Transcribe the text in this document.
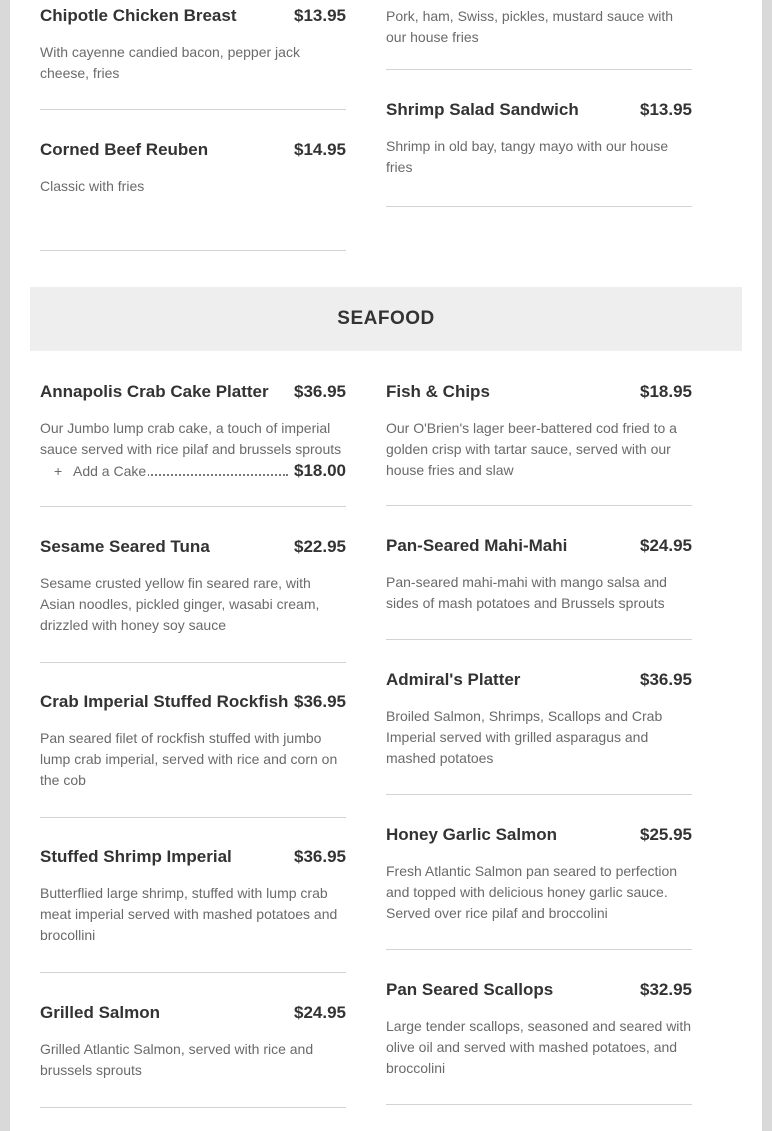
Chipotle Chicken Breast	$13.95
With cayenne candied bacon, pepper jack cheese, fries
Corned Beef Reuben	$14.95
Classic with fries
Pork, ham, Swiss, pickles, mustard sauce with our house fries
Shrimp Salad Sandwich	$13.95
Shrimp in old bay, tangy mayo with our house fries
SEAFOOD
Annapolis Crab Cake Platter $36.95
Our Jumbo lump crab cake, a touch of imperial sauce served with rice pilaf and brussels sprouts
+ Add a Cake	$18.00
Sesame Seared Tuna	$22.95
Sesame crusted yellow fin seared rare, with Asian noodles, pickled ginger, wasabi cream, drizzled with honey soy sauce
Crab Imperial Stuffed Rockfish $36.95
Pan seared filet of rockfish stuffed with jumbo lump crab imperial, served with rice and corn on the cob
Stuffed Shrimp Imperial	$36.95
Butterflied large shrimp, stuffed with lump crab meat imperial served with mashed potatoes and brocollini
Grilled Salmon	$24.95
Grilled Atlantic Salmon, served with rice and brussels sprouts
Fish & Chips	$18.95
Our O'Brien's lager beer-battered cod fried to a golden crisp with tartar sauce, served with our house fries and slaw
Pan-Seared Mahi-Mahi	$24.95
Pan-seared mahi-mahi with mango salsa and sides of mash potatoes and Brussels sprouts
Admiral's Platter	$36.95
Broiled Salmon, Shrimps, Scallops and Crab Imperial served with grilled asparagus and mashed potatoes
Honey Garlic Salmon	$25.95
Fresh Atlantic Salmon pan seared to perfection and topped with delicious honey garlic sauce. Served over rice pilaf and broccolini
Pan Seared Scallops	$32.95
Large tender scallops, seasoned and seared with olive oil and served with mashed potatoes, and broccolini
